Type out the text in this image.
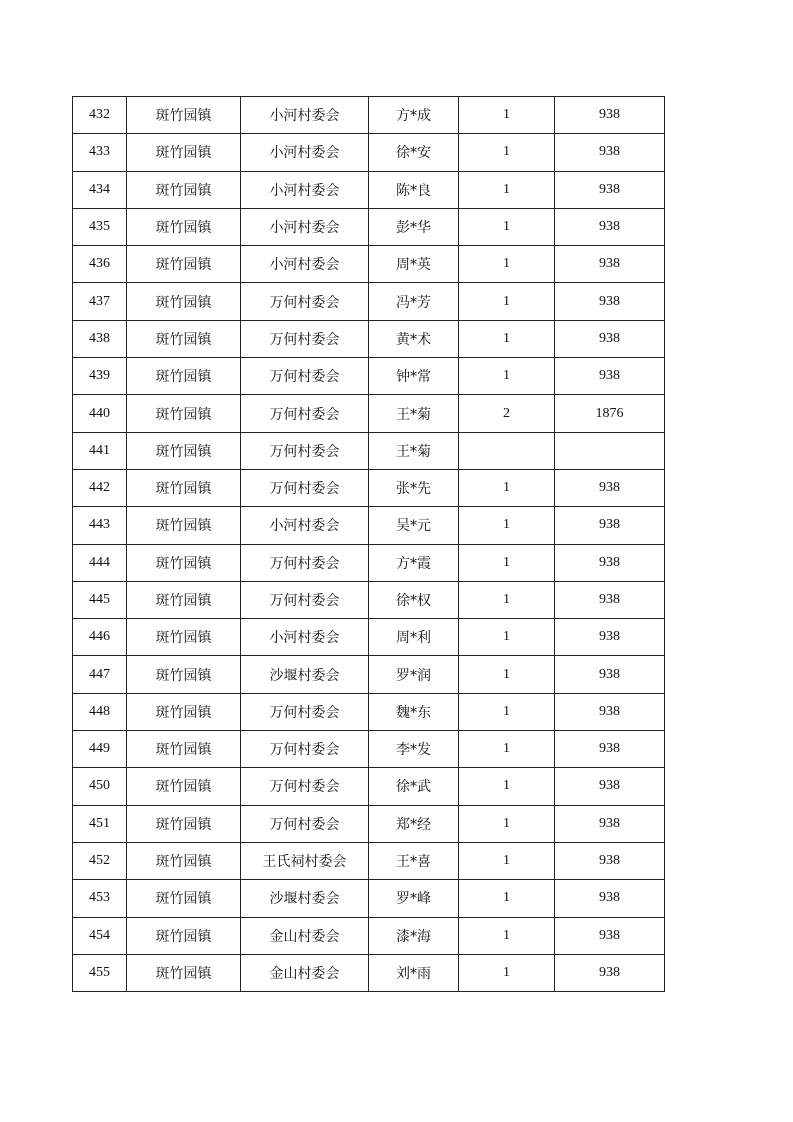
432	斑竹园镇	小河村委会	方*成	1	938
433	斑竹园镇	小河村委会	徐*安	1	938
434	斑竹园镇	小河村委会	陈*良	1	938
435	斑竹园镇	小河村委会	彭*华	1	938
436	斑竹园镇	小河村委会	周*英	1	938
437	斑竹园镇	万何村委会	冯*芳	1	938
438	斑竹园镇	万何村委会	黄*术	1	938
439	斑竹园镇	万何村委会	钟*常	1	938
440	斑竹园镇	万何村委会	王*菊	2	1876
441	斑竹园镇	万何村委会	王*菊		
442	斑竹园镇	万何村委会	张*先	1	938
443	斑竹园镇	小河村委会	吴*元	1	938
444	斑竹园镇	万何村委会	方*霞	1	938
445	斑竹园镇	万何村委会	徐*权	1	938
446	斑竹园镇	小河村委会	周*利	1	938
447	斑竹园镇	沙堰村委会	罗*润	1	938
448	斑竹园镇	万何村委会	魏*东	1	938
449	斑竹园镇	万何村委会	李*发	1	938
450	斑竹园镇	万何村委会	徐*武	1	938
451	斑竹园镇	万何村委会	郑*经	1	938
452	斑竹园镇	王氏祠村委会	王*喜	1	938
453	斑竹园镇	沙堰村委会	罗*峰	1	938
454	斑竹园镇	金山村委会	漆*海	1	938
455	斑竹园镇	金山村委会	刘*雨	1	938
